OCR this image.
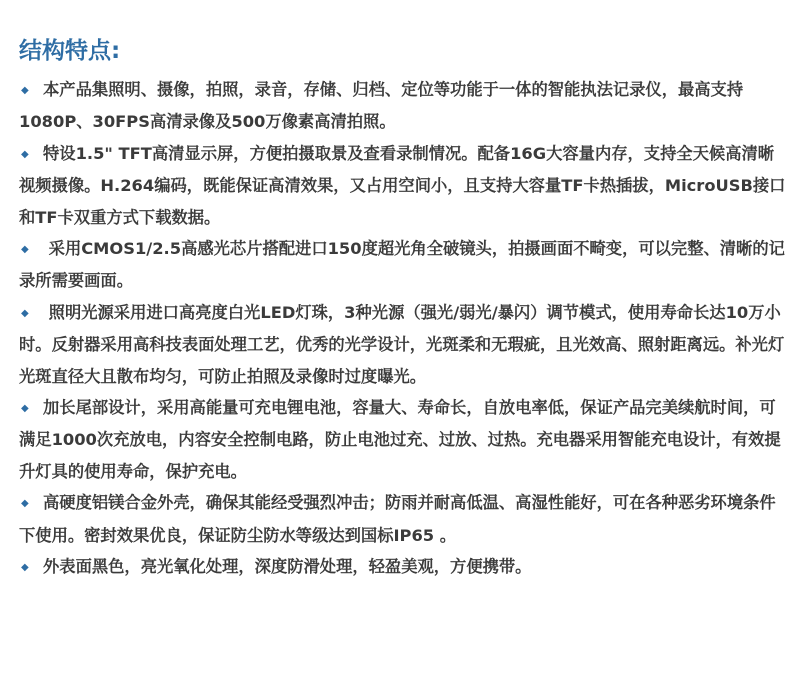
结构特点:
◆ 本产品集照明、摄像，拍照，录音，存储、归档、定位等功能于一体的智能执法记录仪，最高支持1080P、30FPS高清录像及500万像素高清拍照。
◆ 特设1.5" TFT高清显示屏，方便拍摄取景及查看录制情况。配备16G大容量内存，支持全天候高清晰视频摄像。H.264编码，既能保证高清效果，又占用空间小，且支持大容量TF卡热插拔，MicroUSB接口和TF卡双重方式下载数据。
◆ 采用CMOS1/2.5高感光芯片搭配进口150度超光角全破镜头，拍摄画面不畸变，可以完整、清晰的记录所需要画面。
◆ 照明光源采用进口高亮度白光LED灯珠，3种光源（强光/弱光/暴闪）调节模式，使用寿命长达10万小时。反射器采用高科技表面处理工艺，优秀的光学设计，光斑柔和无瑕疵，且光效高、照射距离远。补光灯光斑直径大且散布均匀，可防止拍照及录像时过度曝光。
◆ 加长尾部设计，采用高能量可充电锂电池，容量大、寿命长，自放电率低，保证产品完美续航时间，可满足1000次充放电，内容安全控制电路，防止电池过充、过放、过热。充电器采用智能充电设计，有效提升灯具的使用寿命，保护充电。
◆ 高硬度铝镁合金外壳，确保其能经受强烈冲击；防雨并耐高低温、高湿性能好，可在各种恶劣环境条件下使用。密封效果优良，保证防尘防水等级达到国标IP65 。
◆ 外表面黑色，亮光氧化处理，深度防滑处理，轻盈美观，方便携带。
